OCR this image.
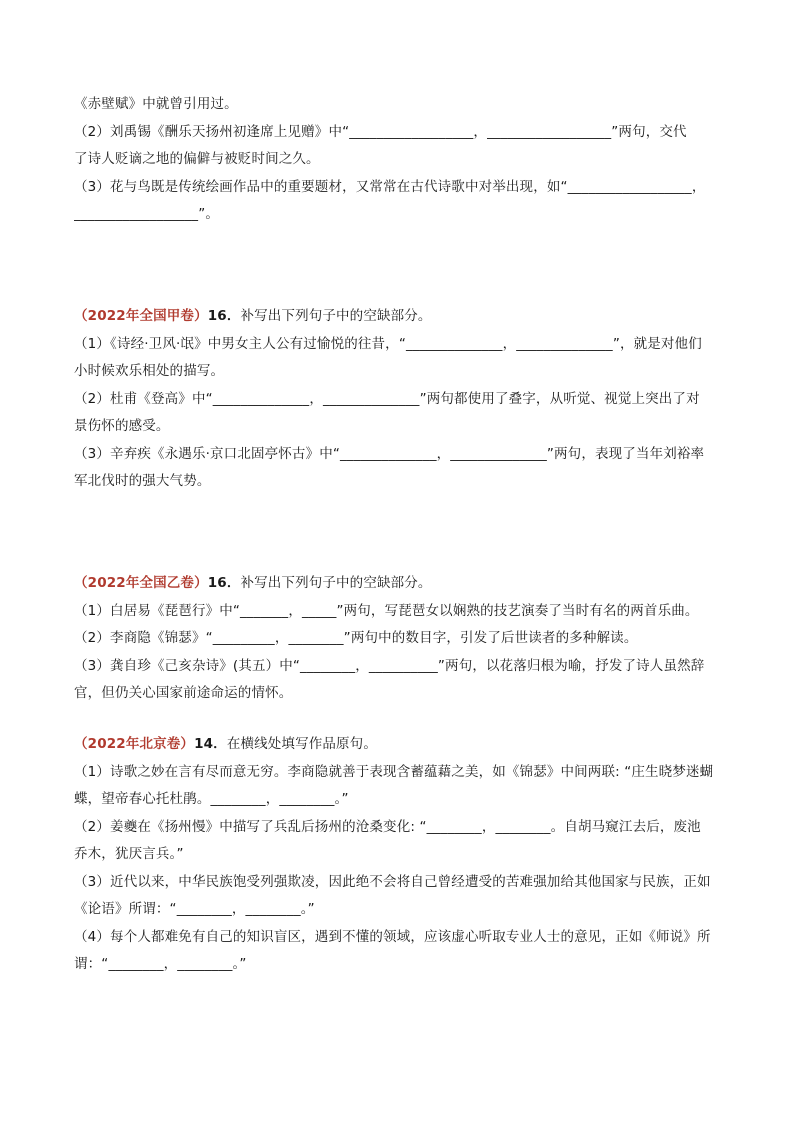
《赤壁赋》中就曾引用过。
（2）刘禹锡《酬乐天扬州初逢席上见赠》中“__________________，__________________”两句，交代
了诗人贬谪之地的偏僻与被贬时间之久。
（3）花与鸟既是传统绘画作品中的重要题材，又常常在古代诗歌中对举出现，如“__________________，
__________________”。
（2022年全国甲卷）16．补写出下列句子中的空缺部分。
（1）《诗经·卫风·氓》中男女主人公有过愉悦的往昔，“______________，______________”，就是对他们
小时候欢乐相处的描写。
（2）杜甫《登高》中“______________，______________”两句都使用了叠字，从听觉、视觉上突出了对
景伤怀的感受。
（3）辛弃疾《永遇乐·京口北固亭怀古》中“______________，______________”两句，表现了当年刘裕率
军北伐时的强大气势。
（2022年全国乙卷）16．补写出下列句子中的空缺部分。
（1）白居易《琵琶行》中“_______，_____”两句，写琵琶女以娴熟的技艺演奏了当时有名的两首乐曲。
（2）李商隐《锦瑟》“_________，________”两句中的数目字，引发了后世读者的多种解读。
（3）龚自珍《己亥杂诗》(其五）中“________，__________”两句，以花落归根为喻，抒发了诗人虽然辞
官，但仍关心国家前途命运的情怀。
（2022年北京卷）14．在横线处填写作品原句。
（1）诗歌之妙在言有尽而意无穷。李商隐就善于表现含蓄蕴藉之美，如《锦瑟》中间两联: “庄生晓梦迷蝴
蝶，望帝春心托杜鹃。________，________。”
（2）姜夔在《扬州慢》中描写了兵乱后扬州的沧桑变化: “________，________。自胡马窥江去后，废池
乔木，犹厌言兵。”
（3）近代以来，中华民族饱受列强欺凌，因此绝不会将自己曾经遭受的苦难强加给其他国家与民族，正如
《论语》所谓：“________，________。”
（4）每个人都难免有自己的知识盲区，遇到不懂的领域，应该虚心听取专业人士的意见，正如《师说》所
谓：“________，________。”
